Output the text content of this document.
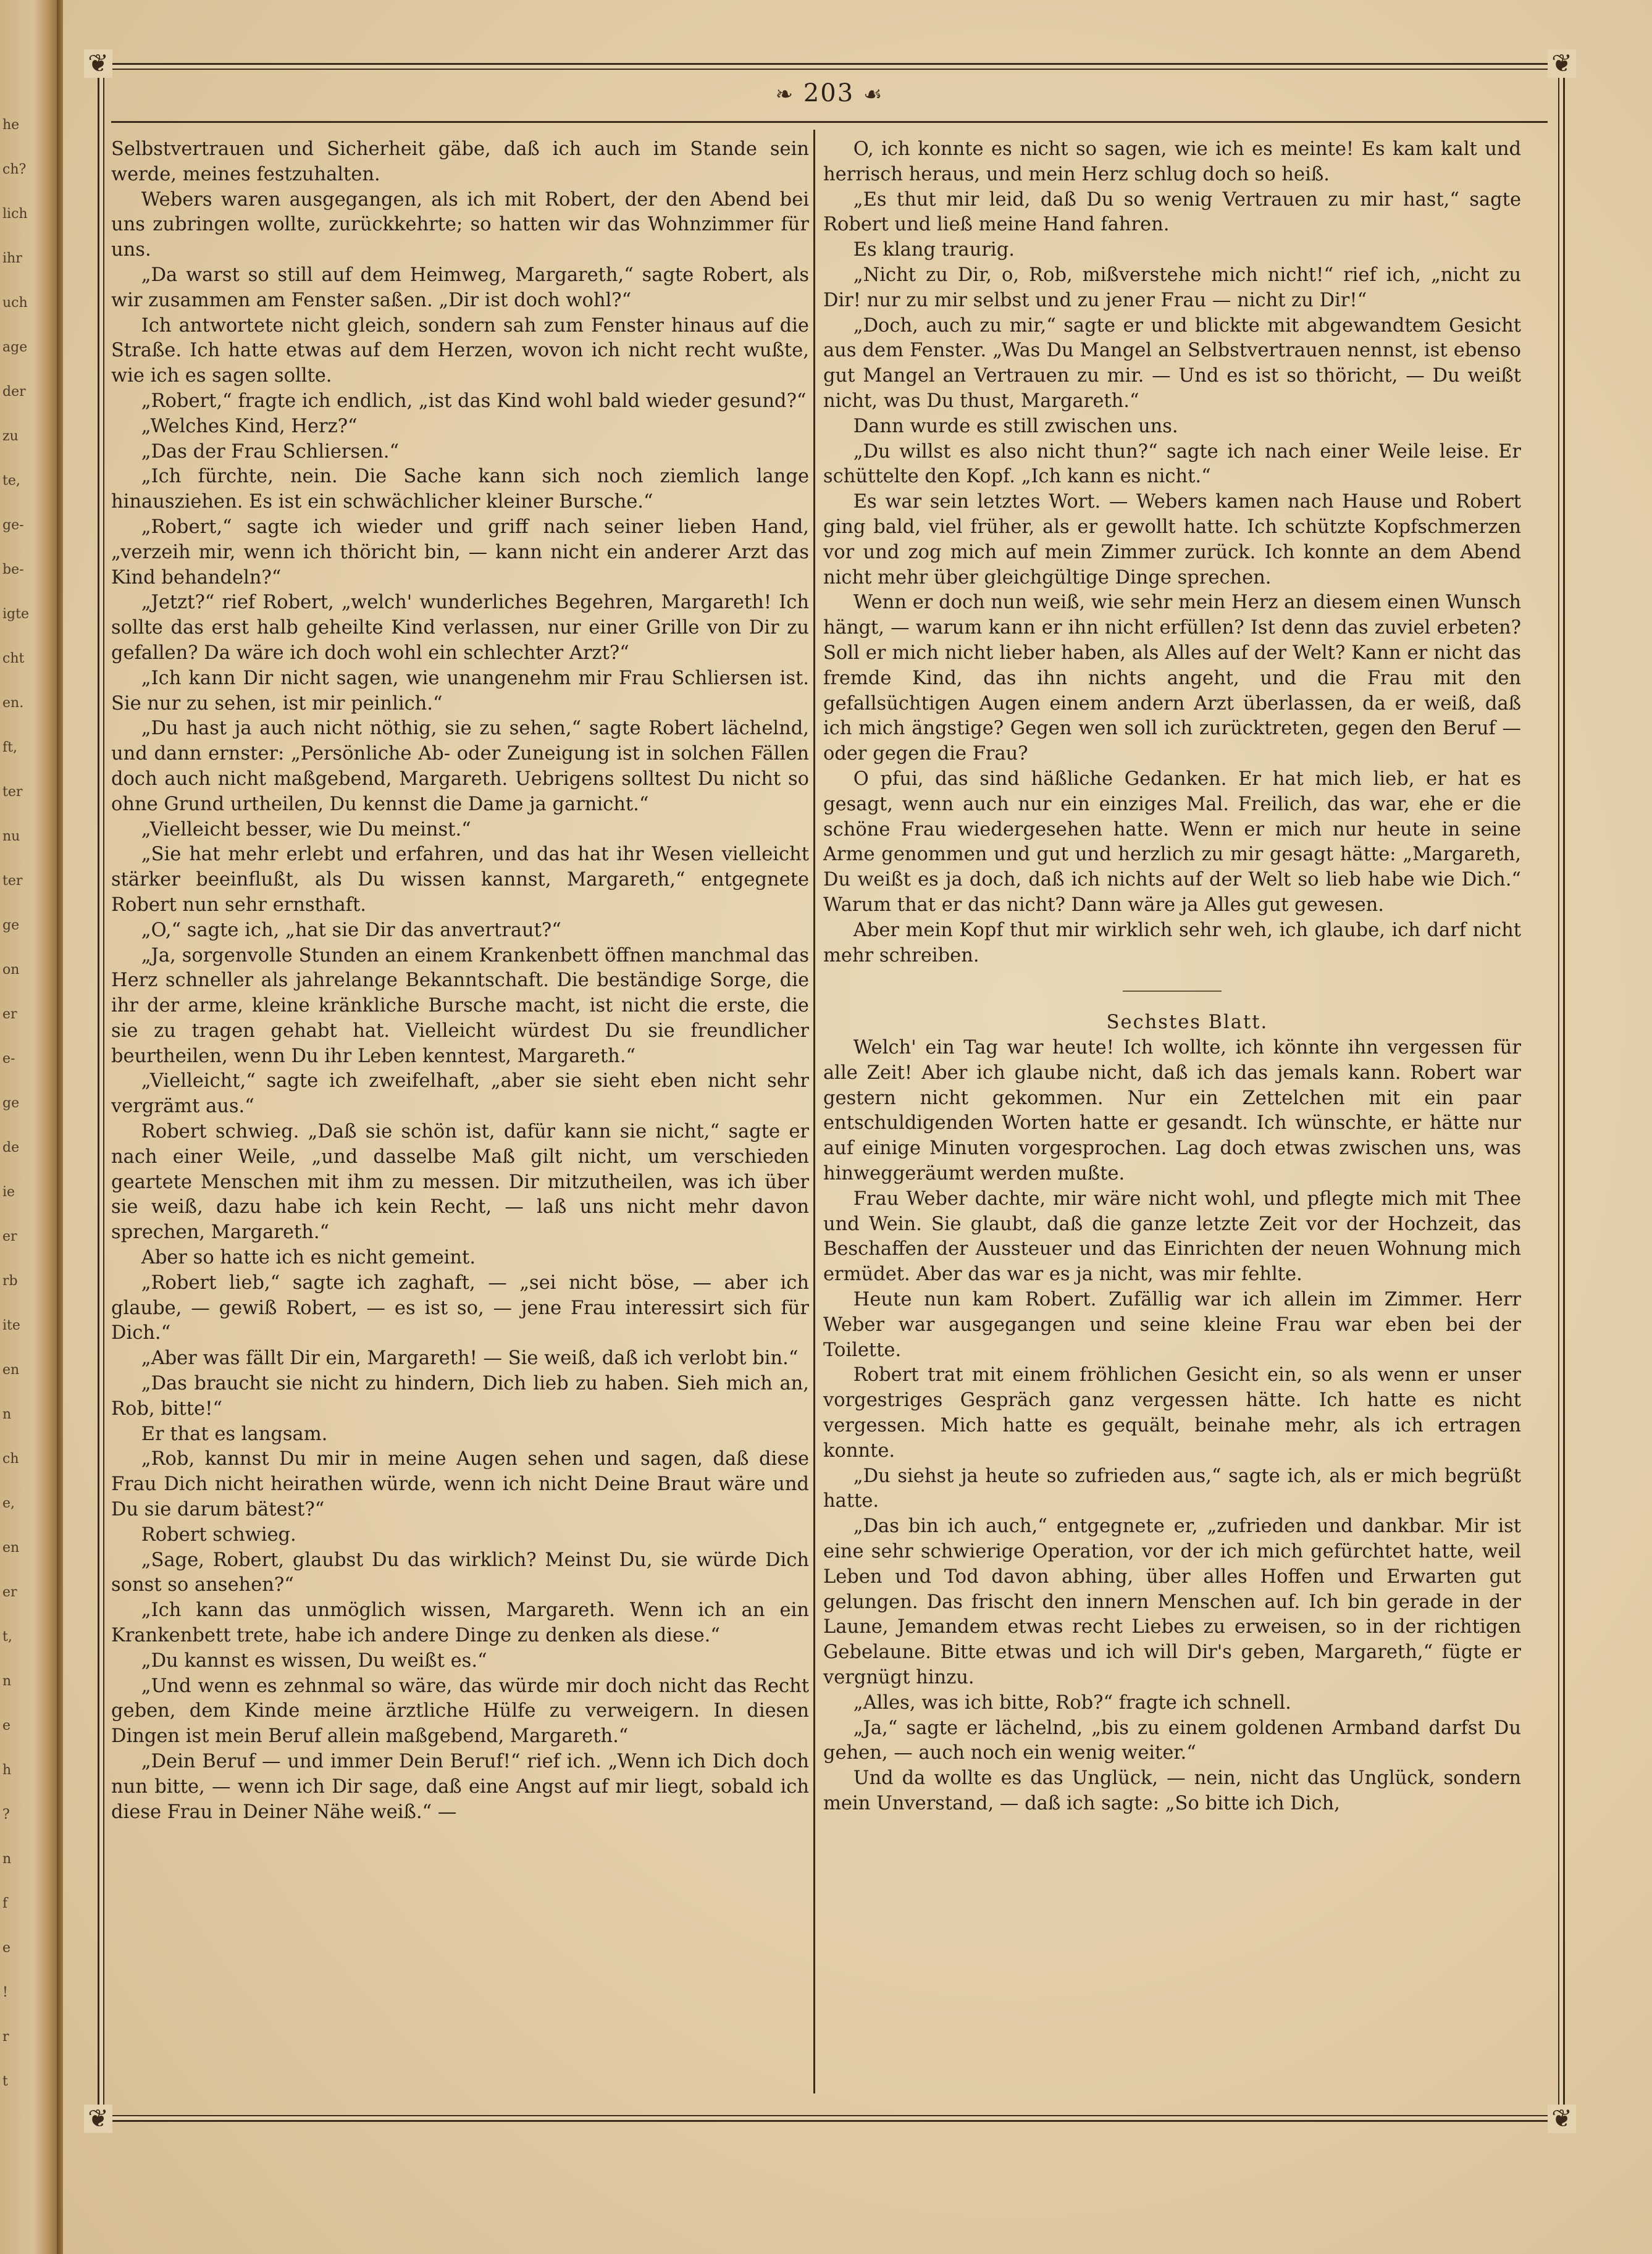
he
ch?
lich
ihr
uch
age
der
zu
te,
ge-
be-
igte
cht
en.
ft,
ter
nu
ter
ge
on
er
e-
ge
de
ie
er
rb
ite
en
n
ch
e,
en
er
t,
n
e
h
?
n
f
e
!
r
t
❦	❦
❦	❦
❧ 203 ☙

Selbstvertrauen und Sicherheit gäbe, daß ich auch im Stande sein werde, meines festzuhalten.

Webers waren ausgegangen, als ich mit Robert, der den Abend bei uns zubringen wollte, zurückkehrte; so hatten wir das Wohnzimmer für uns.

„Da warst so still auf dem Heimweg, Margareth,“ sagte Robert, als wir zusammen am Fenster saßen. „Dir ist doch wohl?“

Ich antwortete nicht gleich, sondern sah zum Fenster hinaus auf die Straße. Ich hatte etwas auf dem Herzen, wovon ich nicht recht wußte, wie ich es sagen sollte.

„Robert,“ fragte ich endlich, „ist das Kind wohl bald wieder gesund?“

„Welches Kind, Herz?“

„Das der Frau Schliersen.“

„Ich fürchte, nein. Die Sache kann sich noch ziemlich lange hinausziehen. Es ist ein schwächlicher kleiner Bursche.“

„Robert,“ sagte ich wieder und griff nach seiner lieben Hand, „verzeih mir, wenn ich thöricht bin, — kann nicht ein anderer Arzt das Kind behandeln?“

„Jetzt?“ rief Robert, „welch' wunderliches Begehren, Margareth! Ich sollte das erst halb geheilte Kind verlassen, nur einer Grille von Dir zu gefallen? Da wäre ich doch wohl ein schlechter Arzt?“

„Ich kann Dir nicht sagen, wie unangenehm mir Frau Schliersen ist. Sie nur zu sehen, ist mir peinlich.“

„Du hast ja auch nicht nöthig, sie zu sehen,“ sagte Robert lächelnd, und dann ernster: „Persönliche Ab- oder Zuneigung ist in solchen Fällen doch auch nicht maßgebend, Margareth. Uebrigens solltest Du nicht so ohne Grund urtheilen, Du kennst die Dame ja garnicht.“

„Vielleicht besser, wie Du meinst.“

„Sie hat mehr erlebt und erfahren, und das hat ihr Wesen vielleicht stärker beeinflußt, als Du wissen kannst, Margareth,“ entgegnete Robert nun sehr ernsthaft.

„O,“ sagte ich, „hat sie Dir das anvertraut?“

„Ja, sorgenvolle Stunden an einem Krankenbett öffnen manchmal das Herz schneller als jahrelange Bekanntschaft. Die beständige Sorge, die ihr der arme, kleine kränkliche Bursche macht, ist nicht die erste, die sie zu tragen gehabt hat. Vielleicht würdest Du sie freundlicher beurtheilen, wenn Du ihr Leben kenntest, Margareth.“

„Vielleicht,“ sagte ich zweifelhaft, „aber sie sieht eben nicht sehr vergrämt aus.“

Robert schwieg. „Daß sie schön ist, dafür kann sie nicht,“ sagte er nach einer Weile, „und dasselbe Maß gilt nicht, um verschieden geartete Menschen mit ihm zu messen. Dir mitzutheilen, was ich über sie weiß, dazu habe ich kein Recht, — laß uns nicht mehr davon sprechen, Margareth.“

Aber so hatte ich es nicht gemeint.

„Robert lieb,“ sagte ich zaghaft, — „sei nicht böse, — aber ich glaube, — gewiß Robert, — es ist so, — jene Frau interessirt sich für Dich.“

„Aber was fällt Dir ein, Margareth! — Sie weiß, daß ich verlobt bin.“

„Das braucht sie nicht zu hindern, Dich lieb zu haben. Sieh mich an, Rob, bitte!“

Er that es langsam.

„Rob, kannst Du mir in meine Augen sehen und sagen, daß diese Frau Dich nicht heirathen würde, wenn ich nicht Deine Braut wäre und Du sie darum bätest?“

Robert schwieg.

„Sage, Robert, glaubst Du das wirklich? Meinst Du, sie würde Dich sonst so ansehen?“

„Ich kann das unmöglich wissen, Margareth. Wenn ich an ein Krankenbett trete, habe ich andere Dinge zu denken als diese.“

„Du kannst es wissen, Du weißt es.“

„Und wenn es zehnmal so wäre, das würde mir doch nicht das Recht geben, dem Kinde meine ärztliche Hülfe zu verweigern. In diesen Dingen ist mein Beruf allein maßgebend, Margareth.“

„Dein Beruf — und immer Dein Beruf!“ rief ich. „Wenn ich Dich doch nun bitte, — wenn ich Dir sage, daß eine Angst auf mir liegt, sobald ich diese Frau in Deiner Nähe weiß.“ —

O, ich konnte es nicht so sagen, wie ich es meinte! Es kam kalt und herrisch heraus, und mein Herz schlug doch so heiß.

„Es thut mir leid, daß Du so wenig Vertrauen zu mir hast,“ sagte Robert und ließ meine Hand fahren.

Es klang traurig.

„Nicht zu Dir, o, Rob, mißverstehe mich nicht!“ rief ich, „nicht zu Dir! nur zu mir selbst und zu jener Frau — nicht zu Dir!“

„Doch, auch zu mir,“ sagte er und blickte mit abgewandtem Gesicht aus dem Fenster. „Was Du Mangel an Selbstvertrauen nennst, ist ebenso gut Mangel an Vertrauen zu mir. — Und es ist so thöricht, — Du weißt nicht, was Du thust, Margareth.“

Dann wurde es still zwischen uns.

„Du willst es also nicht thun?“ sagte ich nach einer Weile leise. Er schüttelte den Kopf. „Ich kann es nicht.“

Es war sein letztes Wort. — Webers kamen nach Hause und Robert ging bald, viel früher, als er gewollt hatte. Ich schützte Kopfschmerzen vor und zog mich auf mein Zimmer zurück. Ich konnte an dem Abend nicht mehr über gleichgültige Dinge sprechen.

Wenn er doch nun weiß, wie sehr mein Herz an diesem einen Wunsch hängt, — warum kann er ihn nicht erfüllen? Ist denn das zuviel erbeten? Soll er mich nicht lieber haben, als Alles auf der Welt? Kann er nicht das fremde Kind, das ihn nichts angeht, und die Frau mit den gefallsüchtigen Augen einem andern Arzt überlassen, da er weiß, daß ich mich ängstige? Gegen wen soll ich zurücktreten, gegen den Beruf — oder gegen die Frau?

O pfui, das sind häßliche Gedanken. Er hat mich lieb, er hat es gesagt, wenn auch nur ein einziges Mal. Freilich, das war, ehe er die schöne Frau wiedergesehen hatte. Wenn er mich nur heute in seine Arme genommen und gut und herzlich zu mir gesagt hätte: „Margareth, Du weißt es ja doch, daß ich nichts auf der Welt so lieb habe wie Dich.“ Warum that er das nicht? Dann wäre ja Alles gut gewesen.

Aber mein Kopf thut mir wirklich sehr weh, ich glaube, ich darf nicht mehr schreiben.

Sechstes Blatt.

Welch' ein Tag war heute! Ich wollte, ich könnte ihn vergessen für alle Zeit! Aber ich glaube nicht, daß ich das jemals kann. Robert war gestern nicht gekommen. Nur ein Zettelchen mit ein paar entschuldigenden Worten hatte er gesandt. Ich wünschte, er hätte nur auf einige Minuten vorgesprochen. Lag doch etwas zwischen uns, was hinweggeräumt werden mußte.

Frau Weber dachte, mir wäre nicht wohl, und pflegte mich mit Thee und Wein. Sie glaubt, daß die ganze letzte Zeit vor der Hochzeit, das Beschaffen der Aussteuer und das Einrichten der neuen Wohnung mich ermüdet. Aber das war es ja nicht, was mir fehlte.

Heute nun kam Robert. Zufällig war ich allein im Zimmer. Herr Weber war ausgegangen und seine kleine Frau war eben bei der Toilette.

Robert trat mit einem fröhlichen Gesicht ein, so als wenn er unser vorgestriges Gespräch ganz vergessen hätte. Ich hatte es nicht vergessen. Mich hatte es gequält, beinahe mehr, als ich ertragen konnte.

„Du siehst ja heute so zufrieden aus,“ sagte ich, als er mich begrüßt hatte.

„Das bin ich auch,“ entgegnete er, „zufrieden und dankbar. Mir ist eine sehr schwierige Operation, vor der ich mich gefürchtet hatte, weil Leben und Tod davon abhing, über alles Hoffen und Erwarten gut gelungen. Das frischt den innern Menschen auf. Ich bin gerade in der Laune, Jemandem etwas recht Liebes zu erweisen, so in der richtigen Gebelaune. Bitte etwas und ich will Dir's geben, Margareth,“ fügte er vergnügt hinzu.

„Alles, was ich bitte, Rob?“ fragte ich schnell.

„Ja,“ sagte er lächelnd, „bis zu einem goldenen Armband darfst Du gehen, — auch noch ein wenig weiter.“

Und da wollte es das Unglück, — nein, nicht das Unglück, sondern mein Unverstand, — daß ich sagte: „So bitte ich Dich,
